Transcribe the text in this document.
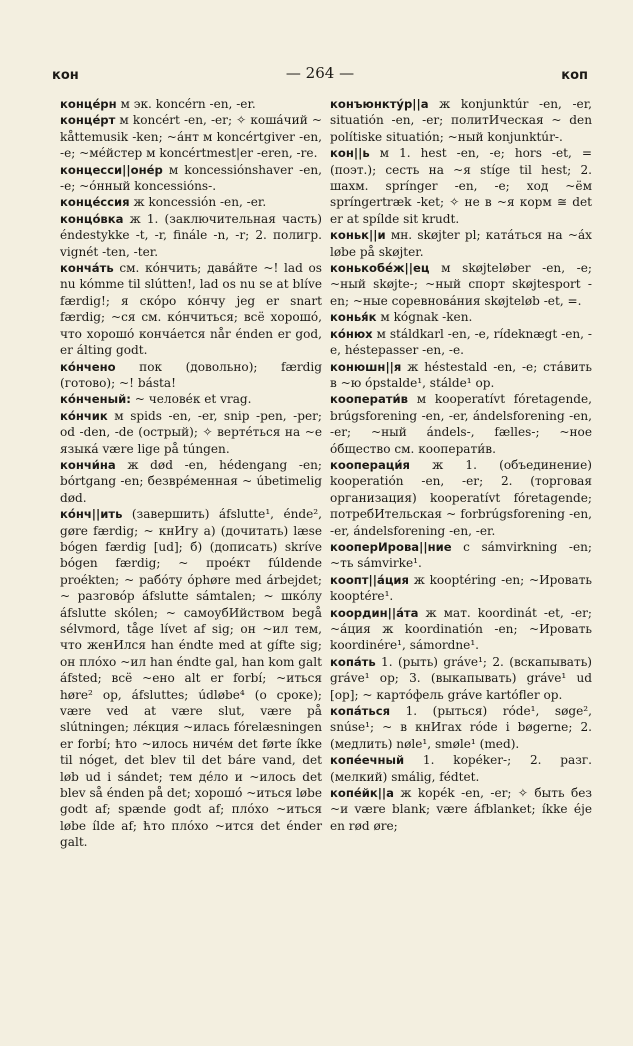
кон	— 264 —	коп

концéрн м эк. koncérn -en, -er.

концéрт м koncért -en, -er; ✧ кошáчий ~ kåttemusik -ken; ~áнт м koncértgiver -en, -e; ~мéйстер м koncértmest|er -eren, -re.

концесси||онéр м koncessiónshaver -en, -e; ~óнный koncessións-.

концéссия ж koncessión -en, -er.

концóвка ж 1. (заключительная часть) éndestykke -t, -r, finále -n, -r; 2. полигр. vignét -ten, -ter.

кончáть см. кóнчить; давáйте ~! lad os nu kómme til slútten!, lad os nu se at blíve færdig!; я скóро кóнчу jeg er snart færdig; ~ся см. кóнчиться; всё хорошó, что хорошó кончáется når énden er god, er álting godt.

кóнчено пок (довольно); færdig (готово); ~! básta!

кóнченый: ~ человéк et vrag.

кóнчик м spids -en, -er, snip -pen, -per; od -den, -de (острый); ✧ вертéться на ~е языкá være lige på túngen.

кончи́на ж død -en, hédengang -en; bórtgang -en; безврéменная ~ úbetimelig død.

кóнч||ить (завершить) áfslutte¹, énde², gøre færdig; ~ кнИгу a) (дочитать) læse bógen færdig [ud]; б) (дописать) skríve bógen færdig; ~ проéкт fúldende proékten; ~ рабóту óphøre med árbejdet; ~ разговóр áfslutte sámtalen; ~ шкóлу áfslutte skólen; ~ самоубИйством begå sélvmord, tåge lívet af sig; он ~ил тем, что женИлся han éndte med at gífte sig; он плóхо ~ил han éndte gal, han kom galt áfsted; всё ~ено alt er forbí; ~иться høre² op, áfsluttes; údløbe⁴ (о сроке); være ved at være slut, være på slútningen; лéкция ~илась fórelæsningen er forbí; ћто ~илось ничéм det førte íkke til nóget, det blev til det báre vand, det løb ud i sándet; тем дéло и ~илось det blev så énden på det; хорошó ~иться løbe godt af; spænde godt af; плóхо ~иться løbe ílde af; ћто плóхо ~ится det énder galt.

конъюнктýр||а ж konjunktúr -en, -er, situatión -en, -er; политИческая ~ den polítiske situatión; ~ный konjunktúr-.

кон||ь м 1. hest -en, -e; hors -et, = (поэт.); сесть на ~я stíge til hest; 2. шахм. spríngеr -en, -e; ход ~ём spríngertræk -ket; ✧ не в ~я корм ≅ det er at spílde sit krudt.

коньк||и мн. skøjter pl; катáться на ~áх løbe på skøjter.

конькобéж||ец м skøjteløber -en, -e; ~ный skøjte-; ~ный спорт skøjtesport -en; ~ные соревновáния skøjteløb -et, =.

конья́к м kógnak -ken.

кóнюх м stáldkarl -en, -e, rídeknægt -en, -e, héstepasser -en, -e.

конюшн||я ж héstestald -en, -e; стáвить в ~ю ópstalde¹, stálde¹ op.

кооперати́в м kooperatívt fóretagende, brúgsforening -en, -er, ándelsforening -en, -er; ~ный ándels-, fælles-; ~ное óбщество см. кооперати́в.

коопераци́я ж 1. (объединение) kooperatión -en, -er; 2. (торговая организация) kooperatívt fóretagende; потребИтельская ~ forbrúgsforening -en, -er, ándelsforening -en, -er.

кооперИрова||ние с sámvirkning -en; ~ть sámvirke¹.

коопт||áция ж kooptéring -en; ~Ировать kooptére¹.

координ||áта ж мат. koordinát -et, -er; ~áция ж koordinatión -en; ~Ировать koordinére¹, sámordne¹.

копáть 1. (рыть) gráve¹; 2. (вскапывать) gráve¹ op; 3. (выкапывать) gráve¹ ud [op]; ~ картóфель gráve kartófler op.

копáться 1. (рыться) róde¹, søge², snúse¹; ~ в кнИгах róde i bøgerne; 2. (медлить) nøle¹, smøle¹ (med).

копéечный 1. kopéker-; 2. разг. (мелкий) smálig, fédtet.

копéйк||а ж kopék -en, -er; ✧ быть без ~и være blank; være áfblanket; íkke éje en rød øre;
